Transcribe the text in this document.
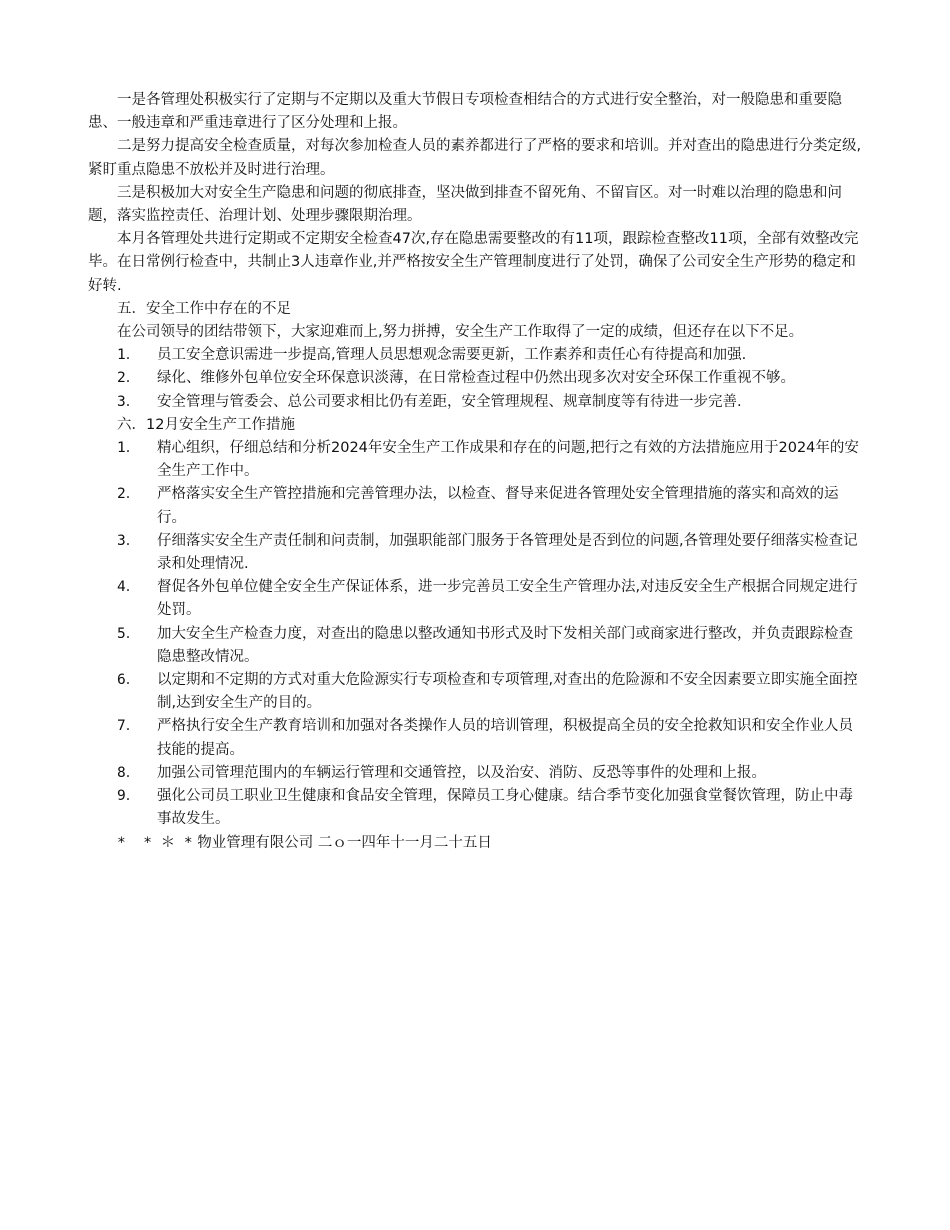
一是各管理处积极实行了定期与不定期以及重大节假日专项检查相结合的方式进行安全整治，对一般隐患和重要隐患、一般违章和严重违章进行了区分处理和上报。

二是努力提高安全检查质量，对每次参加检查人员的素养都进行了严格的要求和培训。并对查出的隐患进行分类定级,紧盯重点隐患不放松并及时进行治理。

三是积极加大对安全生产隐患和问题的彻底排查，坚决做到排查不留死角、不留盲区。对一时难以治理的隐患和问题，落实监控责任、治理计划、处理步骤限期治理。

本月各管理处共进行定期或不定期安全检查47次,存在隐患需要整改的有11项，跟踪检查整改11项，全部有效整改完毕。在日常例行检查中，共制止3人违章作业,并严格按安全生产管理制度进行了处罚，确保了公司安全生产形势的稳定和好转.

五．安全工作中存在的不足

在公司领导的团结带领下，大家迎难而上,努力拼搏，安全生产工作取得了一定的成绩，但还存在以下不足。

1．	员工安全意识需进一步提高,管理人员思想观念需要更新，工作素养和责任心有待提高和加强.
2．	绿化、维修外包单位安全环保意识淡薄，在日常检查过程中仍然出现多次对安全环保工作重视不够。
3．	安全管理与管委会、总公司要求相比仍有差距，安全管理规程、规章制度等有待进一步完善.
六．12月安全生产工作措施
1．	精心组织，仔细总结和分析2024年安全生产工作成果和存在的问题,把行之有效的方法措施应用于2024年的安全生产工作中。
2．	严格落实安全生产管控措施和完善管理办法，以检查、督导来促进各管理处安全管理措施的落实和高效的运行。
3．	仔细落实安全生产责任制和问责制，加强职能部门服务于各管理处是否到位的问题,各管理处要仔细落实检查记录和处理情况.
4．	督促各外包单位健全安全生产保证体系，进一步完善员工安全生产管理办法,对违反安全生产根据合同规定进行处罚。
5．	加大安全生产检查力度，对查出的隐患以整改通知书形式及时下发相关部门或商家进行整改，并负责跟踪检查隐患整改情况。
6．	以定期和不定期的方式对重大危险源实行专项检查和专项管理,对查出的危险源和不安全因素要立即实施全面控制,达到安全生产的目的。
7．	严格执行安全生产教育培训和加强对各类操作人员的培训管理，积极提高全员的安全抢救知识和安全作业人员技能的提高。
8．	加强公司管理范围内的车辆运行管理和交通管控，以及治安、消防、反恐等事件的处理和上报。
9．	强化公司员工职业卫生健康和食品安全管理，保障员工身心健康。结合季节变化加强食堂餐饮管理，防止中毒事故发生。

*  * ＊ * 物业管理有限公司 二ｏ一四年十一月二十五日
